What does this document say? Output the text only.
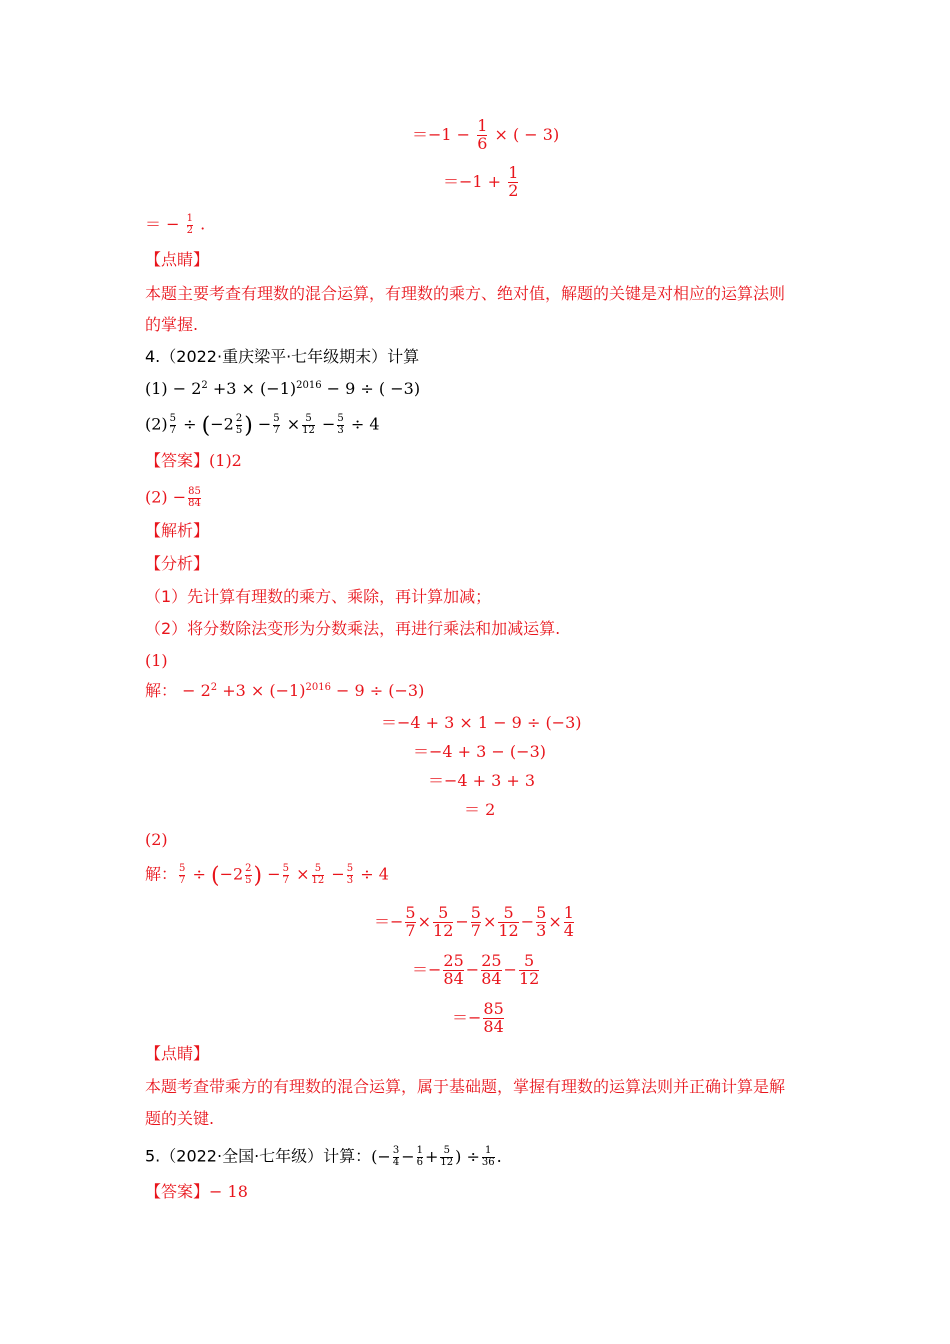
$=-1 - \frac{1}{6}$ × ( − 3)
$=-1 + \frac{1}{2}$
＝ − $\frac{1}{2}$ .
【点睛】
本题主要考查有理数的混合运算，有理数的乘方、绝对值，解题的关键是对相应的运算法则
的掌握.
4.（2022·重庆梁平·七年级期末）计算
$(1) - 2^2 +3 \times (-1)^{2016} - 9$ ÷ ( −3)
$(2) \frac{5}{7} \div (-2 \frac{2}{5}$ ) − $\frac{5}{7} \times \frac{5}{12} - \frac{5}{3} \div 4$
【答案】(1)2
$(2) - \frac{85}{84}$
【解析】
【分析】
（1）先计算有理数的乘方、乘除，再计算加减；
（2）将分数除法变形为分数乘法，再进行乘法和加减运算.
(1)
解： − $2^2 +3 \times (-1)^{2016} - 9 \div (-3)$
＝−4 + 3 × 1 − 9 ÷ (−3)
＝−4 + 3 − (−3)
＝−4 + 3 + 3
＝ 2
(2)
解： $\frac{5}{7} \div (-2 \frac{2}{5}$ ) − $\frac{5}{7} \times \frac{5}{12} - \frac{5}{3} \div 4$
＝− $\frac{5}{7} \times \frac{5}{12} - \frac{5}{7} \times \frac{5}{12} - \frac{5}{3} \times \frac{1}{4}$
＝− $\frac{25}{84} - \frac{25}{84} - \frac{5}{12}$
＝− $\frac{85}{84}$
【点睛】
本题考查带乘方的有理数的混合运算，属于基础题，掌握有理数的运算法则并正确计算是解
题的关键.
5.（2022·全国·七年级）计算：(− $\frac{3}{4} - \frac{1}{6} + \frac{5}{12}$ ) ÷ $\frac{1}{36}$ .
【答案】− 18
